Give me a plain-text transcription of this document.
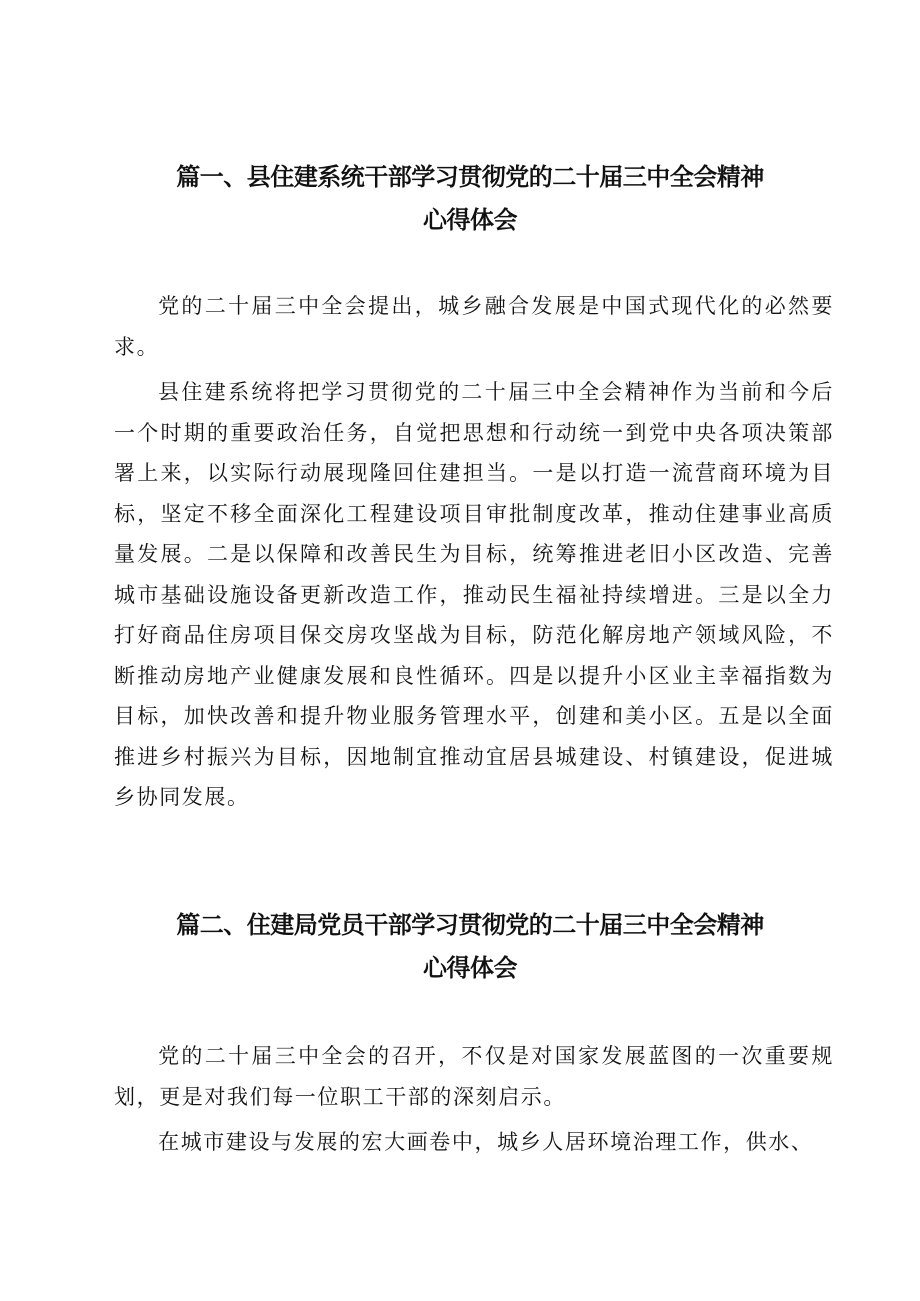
篇一、县住建系统干部学习贯彻党的二十届三中全会精神
心得体会

党的二十届三中全会提出，城乡融合发展是中国式现代化的必然要求。

县住建系统将把学习贯彻党的二十届三中全会精神作为当前和今后一个时期的重要政治任务，自觉把思想和行动统一到党中央各项决策部署上来，以实际行动展现隆回住建担当。一是以打造一流营商环境为目标，坚定不移全面深化工程建设项目审批制度改革，推动住建事业高质量发展。二是以保障和改善民生为目标，统筹推进老旧小区改造、完善城市基础设施设备更新改造工作，推动民生福祉持续增进。三是以全力打好商品住房项目保交房攻坚战为目标，防范化解房地产领域风险，不断推动房地产业健康发展和良性循环。四是以提升小区业主幸福指数为目标，加快改善和提升物业服务管理水平，创建和美小区。五是以全面推进乡村振兴为目标，因地制宜推动宜居县城建设、村镇建设，促进城乡协同发展。

篇二、住建局党员干部学习贯彻党的二十届三中全会精神
心得体会

党的二十届三中全会的召开，不仅是对国家发展蓝图的一次重要规划，更是对我们每一位职工干部的深刻启示。

在城市建设与发展的宏大画卷中，城乡人居环境治理工作，供水、
